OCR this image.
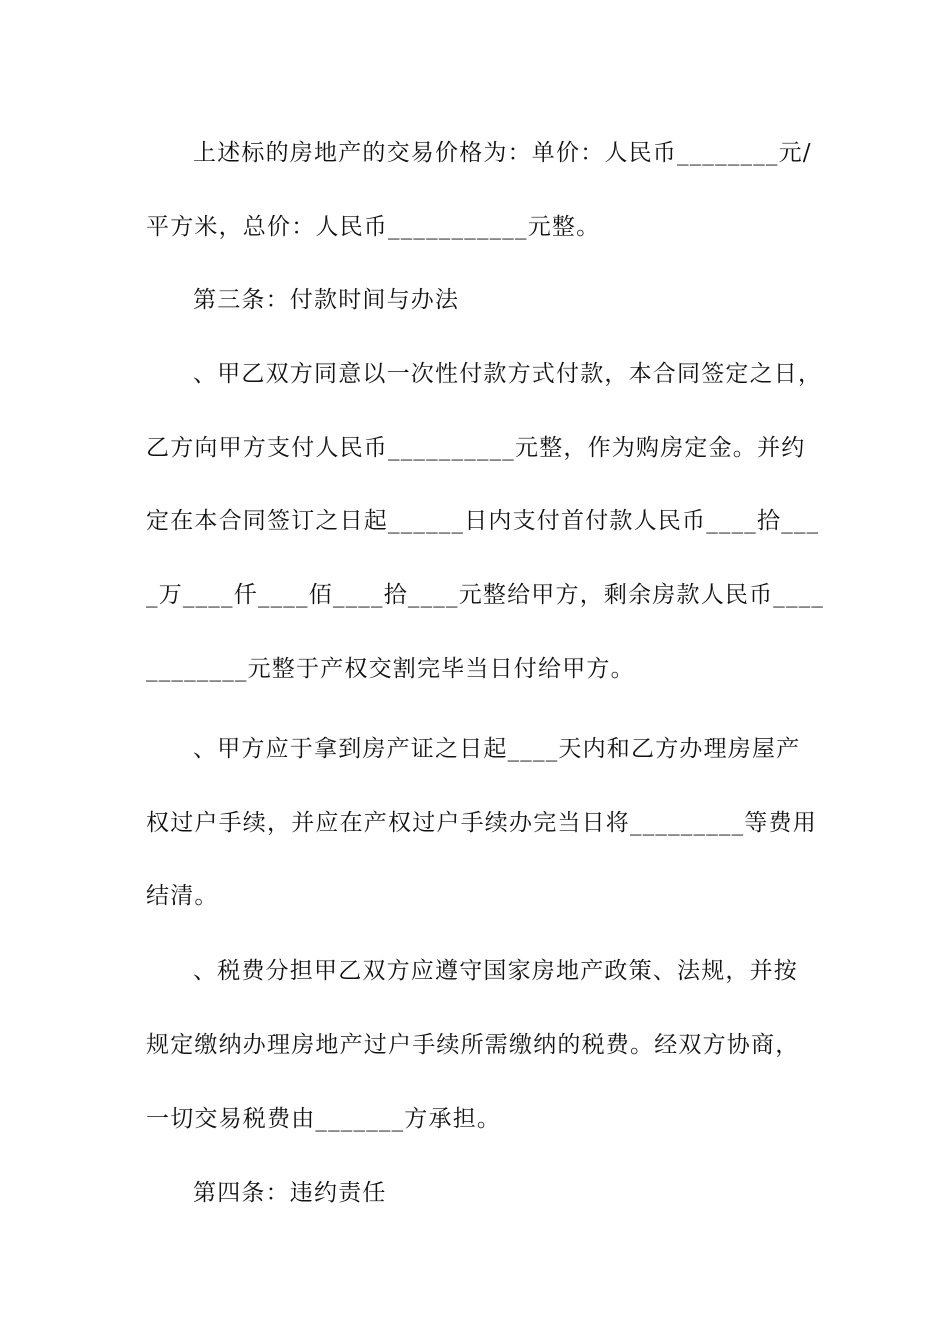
上述标的房地产的交易价格为：单价：人民币________元/
平方米，总价：人民币___________元整。
第三条：付款时间与办法
、甲乙双方同意以一次性付款方式付款，本合同签定之日，
乙方向甲方支付人民币__________元整，作为购房定金。并约
定在本合同签订之日起______日内支付首付款人民币____拾___
_万____仟____佰____拾____元整给甲方，剩余房款人民币____
________元整于产权交割完毕当日付给甲方。
、甲方应于拿到房产证之日起____天内和乙方办理房屋产
权过户手续，并应在产权过户手续办完当日将_________等费用
结清。
、税费分担甲乙双方应遵守国家房地产政策、法规，并按
规定缴纳办理房地产过户手续所需缴纳的税费。经双方协商，
一切交易税费由_______方承担。
第四条：违约责任
